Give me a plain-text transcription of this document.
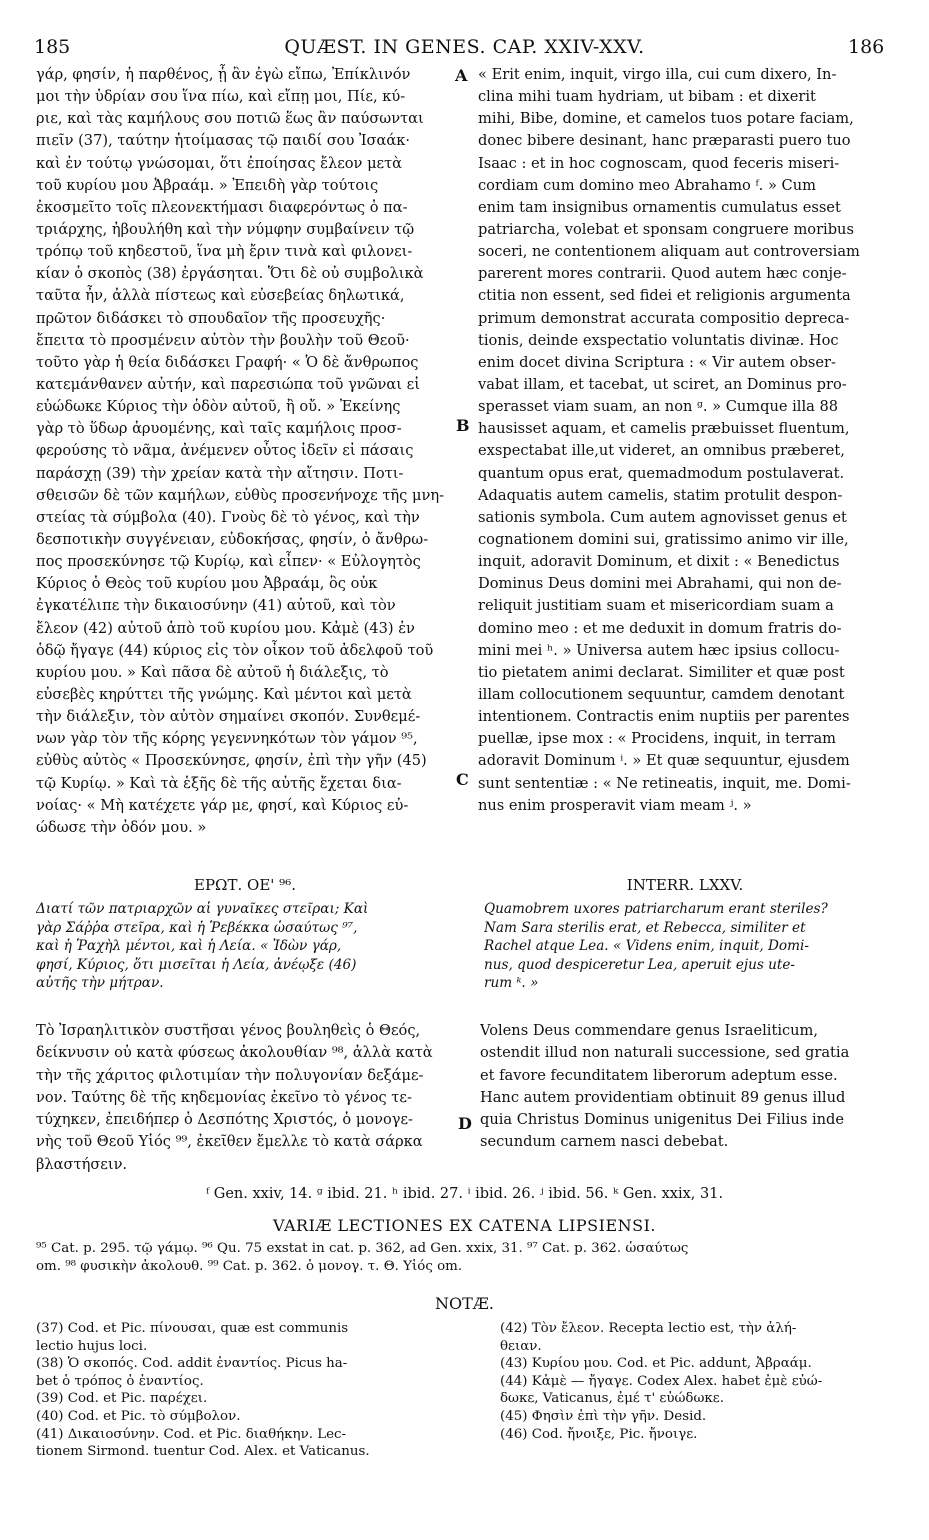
185	QUÆST. IN GENES. CAP. XXIV-XXV.	186
A
B
C
D
γάρ, φησίν, ἡ παρθένος, ᾗ ἂν ἐγὼ εἴπω, Ἐπίκλινόν
μοι τὴν ὑδρίαν σου ἵνα πίω, καὶ εἴπῃ μοι, Πίε, κύ-
ριε, καὶ τὰς καμήλους σου ποτιῶ ἕως ἂν παύσωνται
πιεῖν (37), ταύτην ἡτοίμασας τῷ παιδί σου Ἰσαάκ·
καὶ ἐν τούτῳ γνώσομαι, ὅτι ἐποίησας ἔλεον μετὰ
τοῦ κυρίου μου Ἀβραάμ. » Ἐπειδὴ γὰρ τούτοις
ἐκοσμεῖτο τοῖς πλεονεκτήμασι διαφερόντως ὁ πα-
τριάρχης, ἠβουλήθη καὶ τὴν νύμφην συμβαίνειν τῷ
τρόπῳ τοῦ κηδεστοῦ, ἵνα μὴ ἔριν τινὰ καὶ φιλονει-
κίαν ὁ σκοπὸς (38) ἐργάσηται. Ὅτι δὲ οὐ συμβολικὰ
ταῦτα ἦν, ἀλλὰ πίστεως καὶ εὐσεβείας δηλωτικά,
πρῶτον διδάσκει τὸ σπουδαῖον τῆς προσευχῆς·
ἔπειτα τὸ προσμένειν αὐτὸν τὴν βουλὴν τοῦ Θεοῦ·
τοῦτο γὰρ ἡ θεία διδάσκει Γραφή· « Ὁ δὲ ἄνθρωπος
κατεμάνθανεν αὐτήν, καὶ παρεσιώπα τοῦ γνῶναι εἰ
εὐώδωκε Κύριος τὴν ὁδὸν αὐτοῦ, ἢ οὔ. » Ἐκείνης
γὰρ τὸ ὕδωρ ἀρυομένης, καὶ ταῖς καμήλοις προσ-
φερούσης τὸ νᾶμα, ἀνέμενεν οὗτος ἰδεῖν εἰ πάσαις
παράσχῃ (39) τὴν χρείαν κατὰ τὴν αἴτησιν. Ποτι-
σθεισῶν δὲ τῶν καμήλων, εὐθὺς προσενήνοχε τῆς μνη-
στείας τὰ σύμβολα (40). Γνοὺς δὲ τὸ γένος, καὶ τὴν
δεσποτικὴν συγγένειαν, εὐδοκήσας, φησίν, ὁ ἄνθρω-
πος προσεκύνησε τῷ Κυρίῳ, καὶ εἶπεν· « Εὐλογητὸς
Κύριος ὁ Θεὸς τοῦ κυρίου μου Ἀβραάμ, ὃς οὐκ
ἐγκατέλιπε τὴν δικαιοσύνην (41) αὐτοῦ, καὶ τὸν
ἔλεον (42) αὐτοῦ ἀπὸ τοῦ κυρίου μου. Κἀμὲ (43) ἐν
ὁδῷ ἤγαγε (44) κύριος εἰς τὸν οἶκον τοῦ ἀδελφοῦ τοῦ
κυρίου μου. » Καὶ πᾶσα δὲ αὐτοῦ ἡ διάλεξις, τὸ
εὐσεβὲς κηρύττει τῆς γνώμης. Καὶ μέντοι καὶ μετὰ
τὴν διάλεξιν, τὸν αὐτὸν σημαίνει σκοπόν. Συνθεμέ-
νων γὰρ τὸν τῆς κόρης γεγεννηκότων τὸν γάμον ⁹⁵,
εὐθὺς αὐτὸς « Προσεκύνησε, φησίν, ἐπὶ τὴν γῆν (45)
τῷ Κυρίῳ. » Καὶ τὰ ἑξῆς δὲ τῆς αὐτῆς ἔχεται δια-
νοίας· « Μὴ κατέχετε γάρ με, φησί, καὶ Κύριος εὐ-
ώδωσε τὴν ὁδόν μου. »
« Erit enim, inquit, virgo illa, cui cum dixero, In-
clina mihi tuam hydriam, ut bibam : et dixerit
mihi, Bibe, domine, et camelos tuos potare faciam,
donec bibere desinant, hanc præparasti puero tuo
Isaac : et in hoc cognoscam, quod feceris miseri-
cordiam cum domino meo Abrahamo ᶠ. » Cum
enim tam insignibus ornamentis cumulatus esset
patriarcha, volebat et sponsam congruere moribus
soceri, ne contentionem aliquam aut controversiam
parerent mores contrarii. Quod autem hæc conje-
ctitia non essent, sed fidei et religionis argumenta
primum demonstrat accurata compositio depreca-
tionis, deinde exspectatio voluntatis divinæ. Hoc
enim docet divina Scriptura : « Vir autem obser-
vabat illam, et tacebat, ut sciret, an Dominus pro-
sperasset viam suam, an non ᵍ. » Cumque illa 88
hausisset aquam, et camelis præbuisset fluentum,
exspectabat ille,ut videret, an omnibus præberet,
quantum opus erat, quemadmodum postulaverat.
Adaquatis autem camelis, statim protulit despon-
sationis symbola. Cum autem agnovisset genus et
cognationem domini sui, gratissimo animo vir ille,
inquit, adoravit Dominum, et dixit : « Benedictus
Dominus Deus domini mei Abrahami, qui non de-
reliquit justitiam suam et misericordiam suam a
domino meo : et me deduxit in domum fratris do-
mini mei ʰ. » Universa autem hæc ipsius collocu-
tio pietatem animi declarat. Similiter et quæ post
illam collocutionem sequuntur, camdem denotant
intentionem. Contractis enim nuptiis per parentes
puellæ, ipse mox : « Procidens, inquit, in terram
adoravit Dominum ⁱ. » Et quæ sequuntur, ejusdem
sunt sententiæ : « Ne retineatis, inquit, me. Domi-
nus enim prosperavit viam meam ʲ. »
ΕΡΩΤ. ΟΕ' ⁹⁶.	INTERR. LXXV.
Διατί τῶν πατριαρχῶν αἱ γυναῖκες στεῖραι; Καὶ
γὰρ Σάῤῥα στεῖρα, καὶ ἡ Ῥεβέκκα ὡσαύτως ⁹⁷,
καὶ ἡ Ῥαχὴλ μέντοι, καὶ ἡ Λεία. « Ἰδὼν γάρ,
φησί, Κύριος, ὅτι μισεῖται ἡ Λεία, ἀνέῳξε (46)
αὐτῆς τὴν μήτραν.
Quamobrem uxores patriarcharum erant steriles?
Nam Sara sterilis erat, et Rebecca, similiter et
Rachel atque Lea. « Videns enim, inquit, Domi-
nus, quod despiceretur Lea, aperuit ejus ute-
rum ᵏ. »
Τὸ Ἰσραηλιτικὸν συστῆσαι γένος βουληθεὶς ὁ Θεός,
δείκνυσιν οὐ κατὰ φύσεως ἀκολουθίαν ⁹⁸, ἀλλὰ κατὰ
τὴν τῆς χάριτος φιλοτιμίαν τὴν πολυγονίαν δεξάμε-
νον. Ταύτης δὲ τῆς κηδεμονίας ἐκεῖνο τὸ γένος τε-
τύχηκεν, ἐπειδήπερ ὁ Δεσπότης Χριστός, ὁ μονογε-
νὴς τοῦ Θεοῦ Υἱός ⁹⁹, ἐκεῖθεν ἔμελλε τὸ κατὰ σάρκα
βλαστήσειν.
Volens Deus commendare genus Israeliticum,
ostendit illud non naturali successione, sed gratia
et favore fecunditatem liberorum adeptum esse.
Hanc autem providentiam obtinuit 89 genus illud
quia Christus Dominus unigenitus Dei Filius inde
secundum carnem nasci debebat.
ᶠ Gen. xxiv, 14. ᵍ ibid. 21. ʰ ibid. 27. ⁱ ibid. 26. ʲ ibid. 56. ᵏ Gen. xxix, 31.
VARIÆ LECTIONES EX CATENA LIPSIENSI.
⁹⁵ Cat. p. 295. τῷ γάμῳ. ⁹⁶ Qu. 75 exstat in cat. p. 362, ad Gen. xxix, 31. ⁹⁷ Cat. p. 362. ὡσαύτως
om. ⁹⁸ φυσικὴν ἀκολουθ. ⁹⁹ Cat. p. 362. ὁ μονογ. τ. Θ. Υἱός om.
NOTÆ.
(37) Cod. et Pic. πίνουσαι, quæ est communis
lectio hujus loci.
(38) Ὁ σκοπός. Cod. addit ἐναντίος. Picus ha-
bet ὁ τρόπος ὁ ἐναντίος.
(39) Cod. et Pic. παρέχει.
(40) Cod. et Pic. τὸ σύμβολον.
(41) Δικαιοσύνην. Cod. et Pic. διαθήκην. Lec-
tionem Sirmond. tuentur Cod. Alex. et Vaticanus.
(42) Τὸν ἔλεον. Recepta lectio est, τὴν ἀλή-
θειαν.
(43) Κυρίου μου. Cod. et Pic. addunt, Ἀβραάμ.
(44) Κἀμὲ — ἤγαγε. Codex Alex. habet ἐμὲ εὐώ-
δωκε, Vaticanus, ἐμέ τ' εὐώδωκε.
(45) Φησὶν ἐπὶ τὴν γῆν. Desid.
(46) Cod. ἤνοιξε, Pic. ἤνοιγε.
